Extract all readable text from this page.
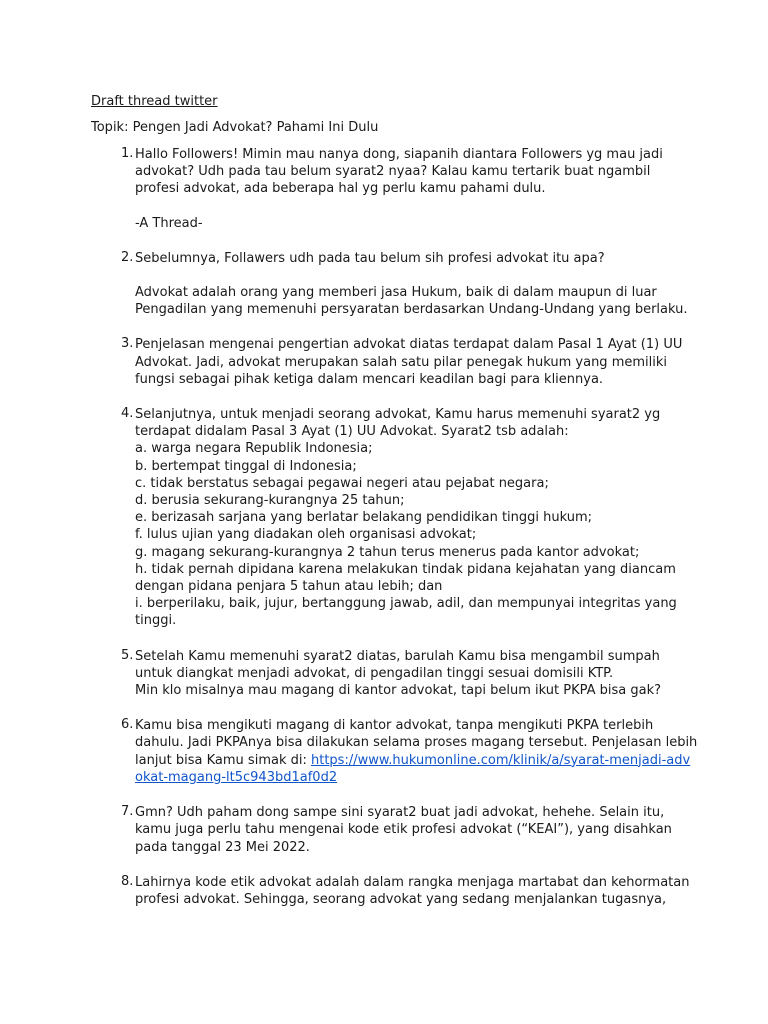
Draft thread twitter
Topik: Pengen Jadi Advokat? Pahami Ini Dulu
1. Hallo Followers! Mimin mau nanya dong, siapanih diantara Followers yg mau jadi advokat? Udh pada tau belum syarat2 nyaa? Kalau kamu tertarik buat ngambil profesi advokat, ada beberapa hal yg perlu kamu pahami dulu.

-A Thread-

2. Sebelumnya, Follawers udh pada tau belum sih profesi advokat itu apa?

Advokat adalah orang yang memberi jasa Hukum, baik di dalam maupun di luar Pengadilan yang memenuhi persyaratan berdasarkan Undang-Undang yang berlaku.

3. Penjelasan mengenai pengertian advokat diatas terdapat dalam Pasal 1 Ayat (1) UU Advokat. Jadi, advokat merupakan salah satu pilar penegak hukum yang memiliki fungsi sebagai pihak ketiga dalam mencari keadilan bagi para kliennya.

4. Selanjutnya, untuk menjadi seorang advokat, Kamu harus memenuhi syarat2 yg terdapat didalam Pasal 3 Ayat (1) UU Advokat. Syarat2 tsb adalah:

a. warga negara Republik Indonesia;

b. bertempat tinggal di Indonesia;

c. tidak berstatus sebagai pegawai negeri atau pejabat negara;

d. berusia sekurang-kurangnya 25 tahun;

e. berizasah sarjana yang berlatar belakang pendidikan tinggi hukum;

f. lulus ujian yang diadakan oleh organisasi advokat;

g. magang sekurang-kurangnya 2 tahun terus menerus pada kantor advokat;

h. tidak pernah dipidana karena melakukan tindak pidana kejahatan yang diancam dengan pidana penjara 5 tahun atau lebih; dan

i. berperilaku, baik, jujur, bertanggung jawab, adil, dan mempunyai integritas yang tinggi.

5. Setelah Kamu memenuhi syarat2 diatas, barulah Kamu bisa mengambil sumpah untuk diangkat menjadi advokat, di pengadilan tinggi sesuai domisili KTP.

Min klo misalnya mau magang di kantor advokat, tapi belum ikut PKPA bisa gak?

6. Kamu bisa mengikuti magang di kantor advokat, tanpa mengikuti PKPA terlebih dahulu. Jadi PKPAnya bisa dilakukan selama proses magang tersebut. Penjelasan lebih lanjut bisa Kamu simak di: https://www.hukumonline.com/klinik/a/syarat-menjadi-advokat-magang-lt5c943bd1af0d2

7. Gmn? Udh paham dong sampe sini syarat2 buat jadi advokat, hehehe. Selain itu, kamu juga perlu tahu mengenai kode etik profesi advokat (“KEAI”), yang disahkan pada tanggal 23 Mei 2022.

8. Lahirnya kode etik advokat adalah dalam rangka menjaga martabat dan kehormatan profesi advokat. Sehingga, seorang advokat yang sedang menjalankan tugasnya,
